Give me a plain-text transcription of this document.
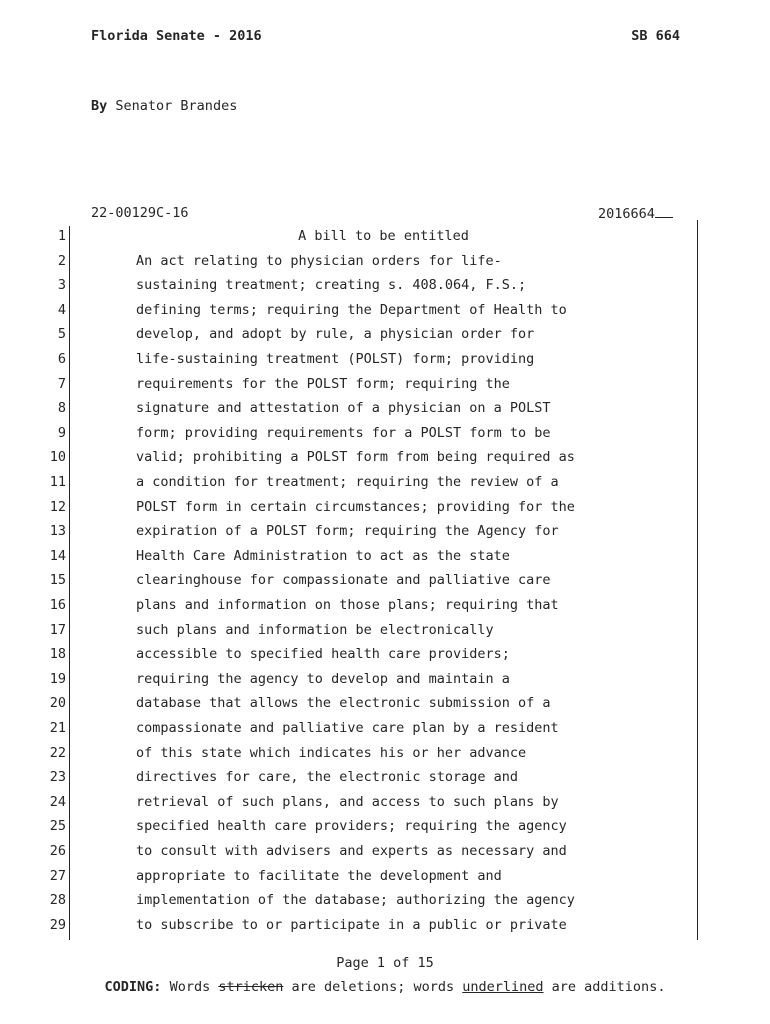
Florida Senate - 2016	SB 664
By Senator Brandes
22-00129C-16	2016664
1	A bill to be entitled
2	An act relating to physician orders for life-
3	sustaining treatment; creating s. 408.064, F.S.;
4	defining terms; requiring the Department of Health to
5	develop, and adopt by rule, a physician order for
6	life-sustaining treatment (POLST) form; providing
7	requirements for the POLST form; requiring the
8	signature and attestation of a physician on a POLST
9	form; providing requirements for a POLST form to be
10	valid; prohibiting a POLST form from being required as
11	a condition for treatment; requiring the review of a
12	POLST form in certain circumstances; providing for the
13	expiration of a POLST form; requiring the Agency for
14	Health Care Administration to act as the state
15	clearinghouse for compassionate and palliative care
16	plans and information on those plans; requiring that
17	such plans and information be electronically
18	accessible to specified health care providers;
19	requiring the agency to develop and maintain a
20	database that allows the electronic submission of a
21	compassionate and palliative care plan by a resident
22	of this state which indicates his or her advance
23	directives for care, the electronic storage and
24	retrieval of such plans, and access to such plans by
25	specified health care providers; requiring the agency
26	to consult with advisers and experts as necessary and
27	appropriate to facilitate the development and
28	implementation of the database; authorizing the agency
29	to subscribe to or participate in a public or private
Page 1 of 15
CODING: Words stricken are deletions; words underlined are additions.
